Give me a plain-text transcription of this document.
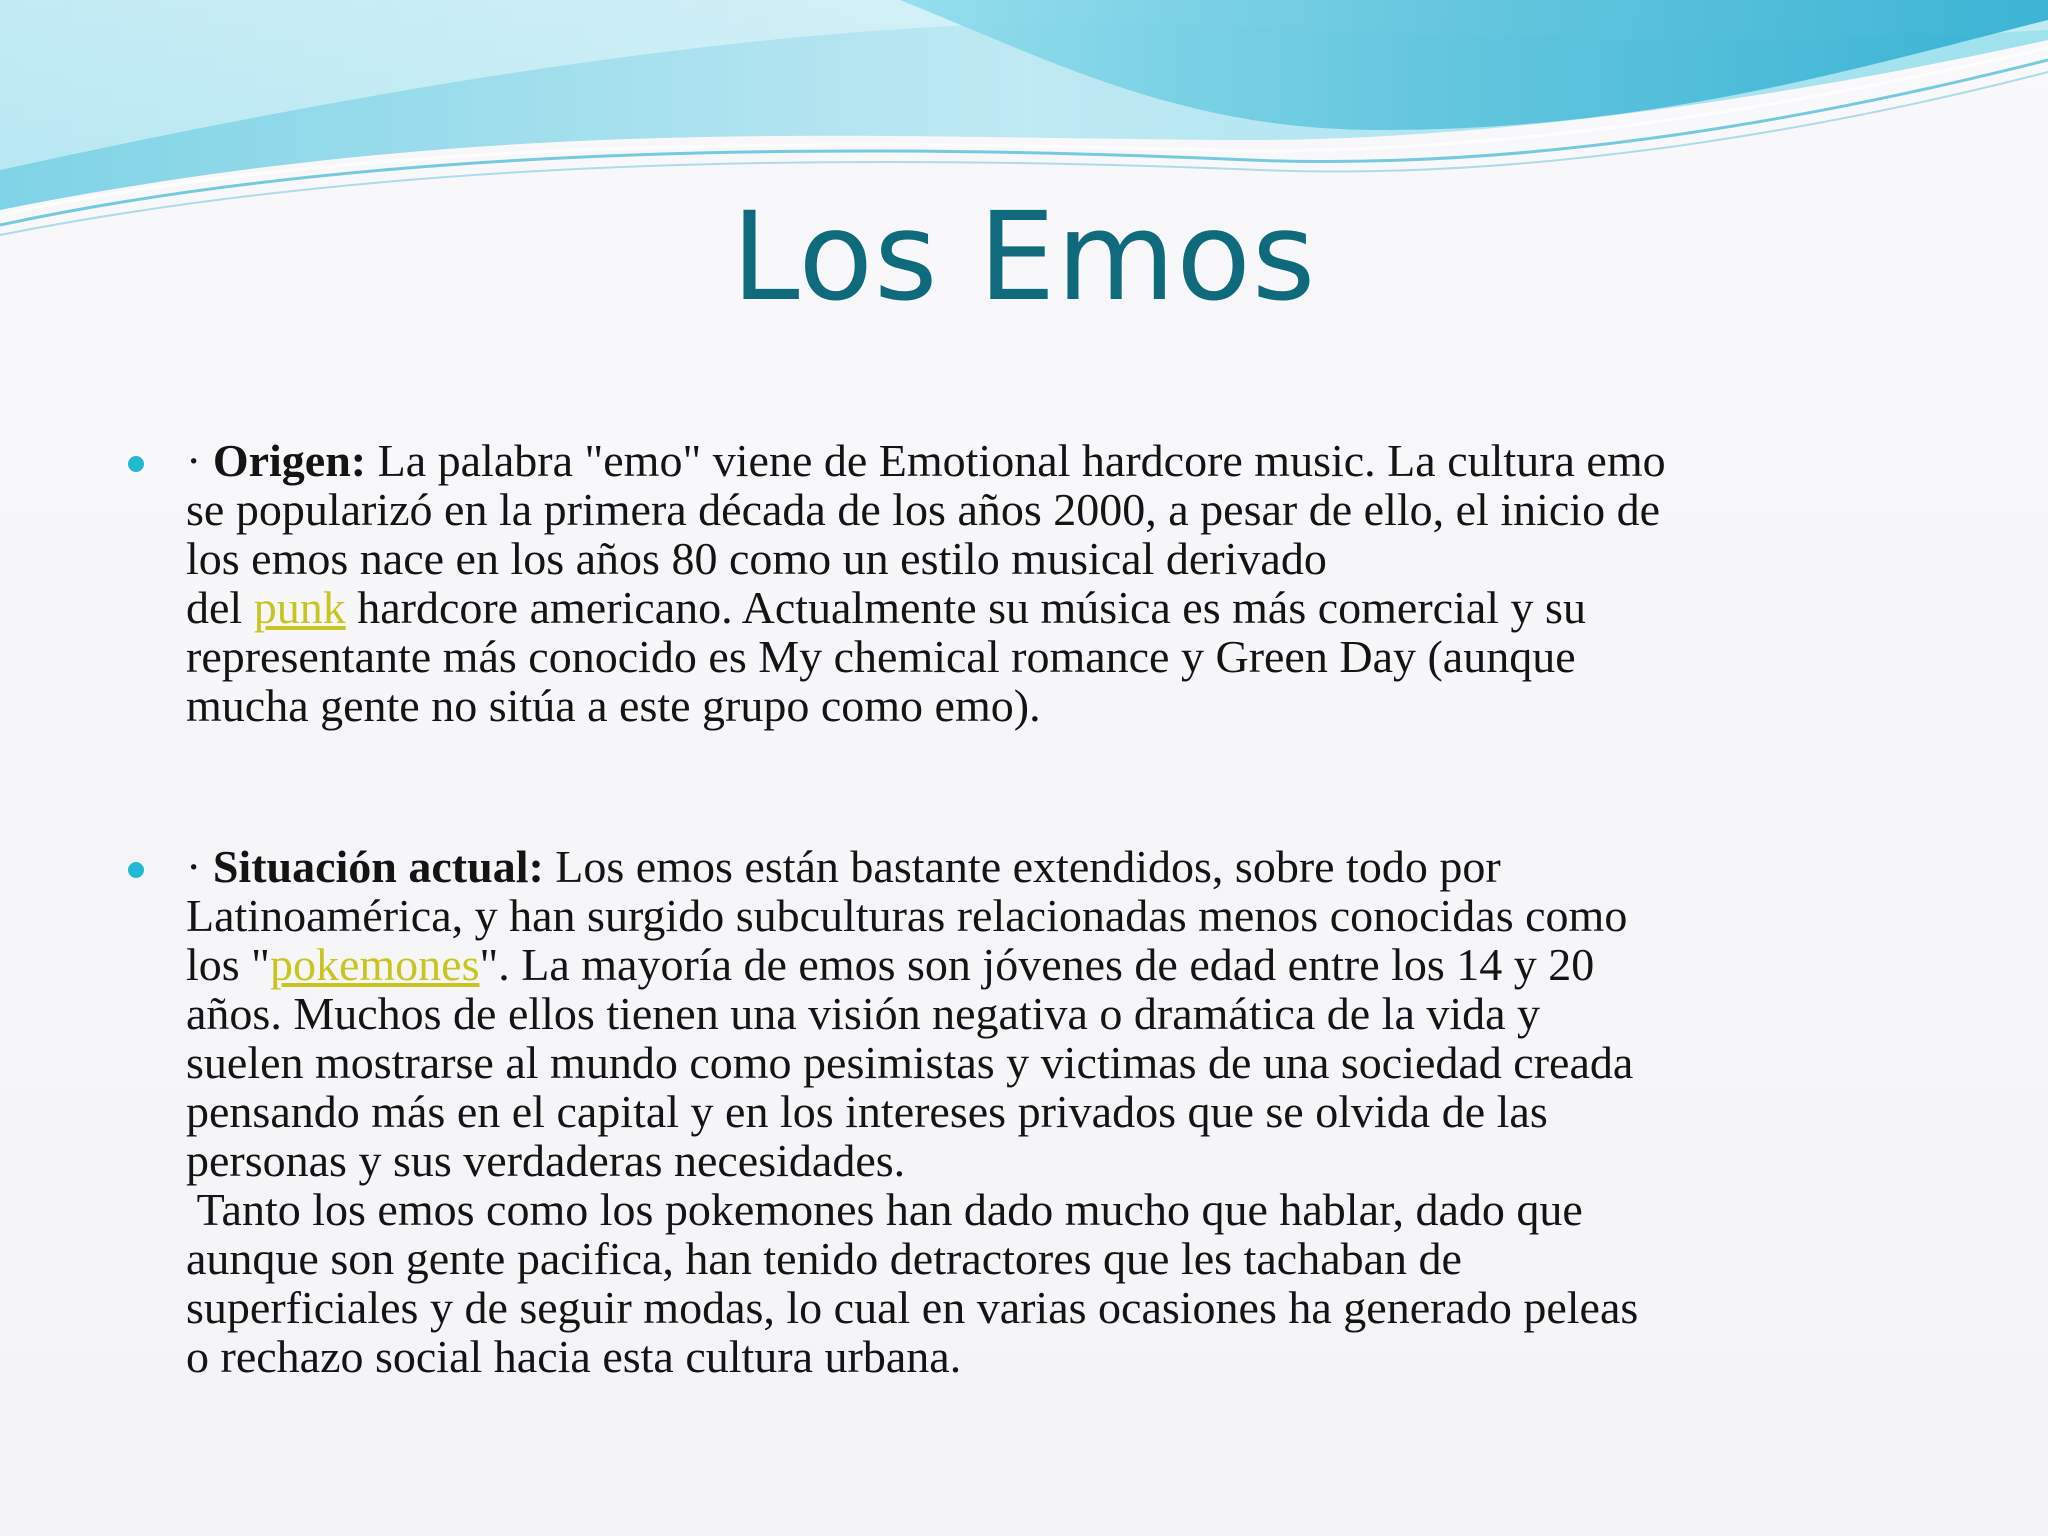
Los Emos
· Origen: La palabra "emo" viene de Emotional hardcore music. La cultura emo
se popularizó en la primera década de los años 2000, a pesar de ello, el inicio de
los emos nace en los años 80 como un estilo musical derivado
del punk hardcore americano. Actualmente su música es más comercial y su
representante más conocido es My chemical romance y Green Day (aunque
mucha gente no sitúa a este grupo como emo).
· Situación actual: Los emos están bastante extendidos, sobre todo por
Latinoamérica, y han surgido subculturas relacionadas menos conocidas como
los "pokemones". La mayoría de emos son jóvenes de edad entre los 14 y 20
años. Muchos de ellos tienen una visión negativa o dramática de la vida y
suelen mostrarse al mundo como pesimistas y victimas de una sociedad creada
pensando más en el capital y en los intereses privados que se olvida de las
personas y sus verdaderas necesidades.
Tanto los emos como los pokemones han dado mucho que hablar, dado que
aunque son gente pacifica, han tenido detractores que les tachaban de
superficiales y de seguir modas, lo cual en varias ocasiones ha generado peleas
o rechazo social hacia esta cultura urbana.
